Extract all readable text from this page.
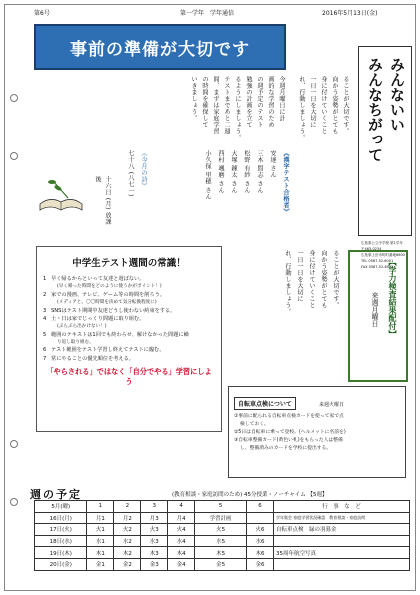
第6号	第一学年　学年通信	2016年5月13日(金)
事前の準備が大切です
みんなちがって みんないい
広島県公立中学校 第1学年
〒463-0234
広島県上田市町町番地6600
TEL 0587-52-6001
FAX 0587-52-6002
今週月曜日に計
画的な学習のため
の週予定のテスト
勉強の計画を立て
るようにしましょう。
テストまであと二週
間、まずは家庭学習
の時間を確保して
いきましょう。	ることが大切です。
向かう姿勢がとても
身に付けていくこと
一日一日を大切に
れ、行動しましょう。
《漢字テスト合格者》
安達 さん
三木 賢志 さん
松野 有紗 さん
大塚 錬太 さん
西村 颯磨 さん
小久保 里穂 さん
《今月の詩》
七十八 (八七一)
十六日 (月) 放課後
中学生テスト週間の常識！
1 早く帰るからといって友達と遊ばない。
(早く帰った時間をどのように使うかがポイント！)
2 家での漫画、テレビ、ゲーム等の時間を削ろう。
(メディアと、〇〇時間を決めて気分転換程度に)
3 SNSはテスト期間中友達どうし使わない約束をする。
4 土・日は家でじっくり問題に取り組む。
(ぶらぶら出かけない！)
5 範囲のテキストは1回でも終わらせ、解けなかった問題に繰
り返し取り組む。
6 テスト範囲をテスト学習し終えてテストに臨む。
7 常にやることの優先順位を考える。
「やらされる」ではなく「自分でやる」学習にしよう
ることが大切です。
向かう姿勢がとても
身に付けていくこと
一日一日を大切に
れ、行動しましょう。	【学力検査結果配付】
来週月曜日
自転車点検について	来週火曜日
①事前に配られる自転車点検カードを使って家で点
検しておく。
②5日は自転車に乗って登校。(ヘルメットに名前を)
③自転車整備カード(黄色い札)をもらった人は整備
し、整備済みのカードを学校に提出する。
週の予定	(教育相談・家庭訪問のため) 45分授業・ノーチャイム 【5週】
5月(曜)	1	2	3	4	5	6	行　事　な　ど
16日(月)	月1	月2	月3	月4	学習計画		学年集会 家庭学習状況確認　教育相談・家庭訪問
17日(火)	火1	火2	火3	火4	火5	火6	自転車点検　緑の羽募金
18日(水)	水1	水2	水3	水4	水5	水6	
19日(木)	木1	木2	木3	木4	木5	木6	35周年航空写真
20日(金)	金1	金2	金3	金4	金5	金6	
